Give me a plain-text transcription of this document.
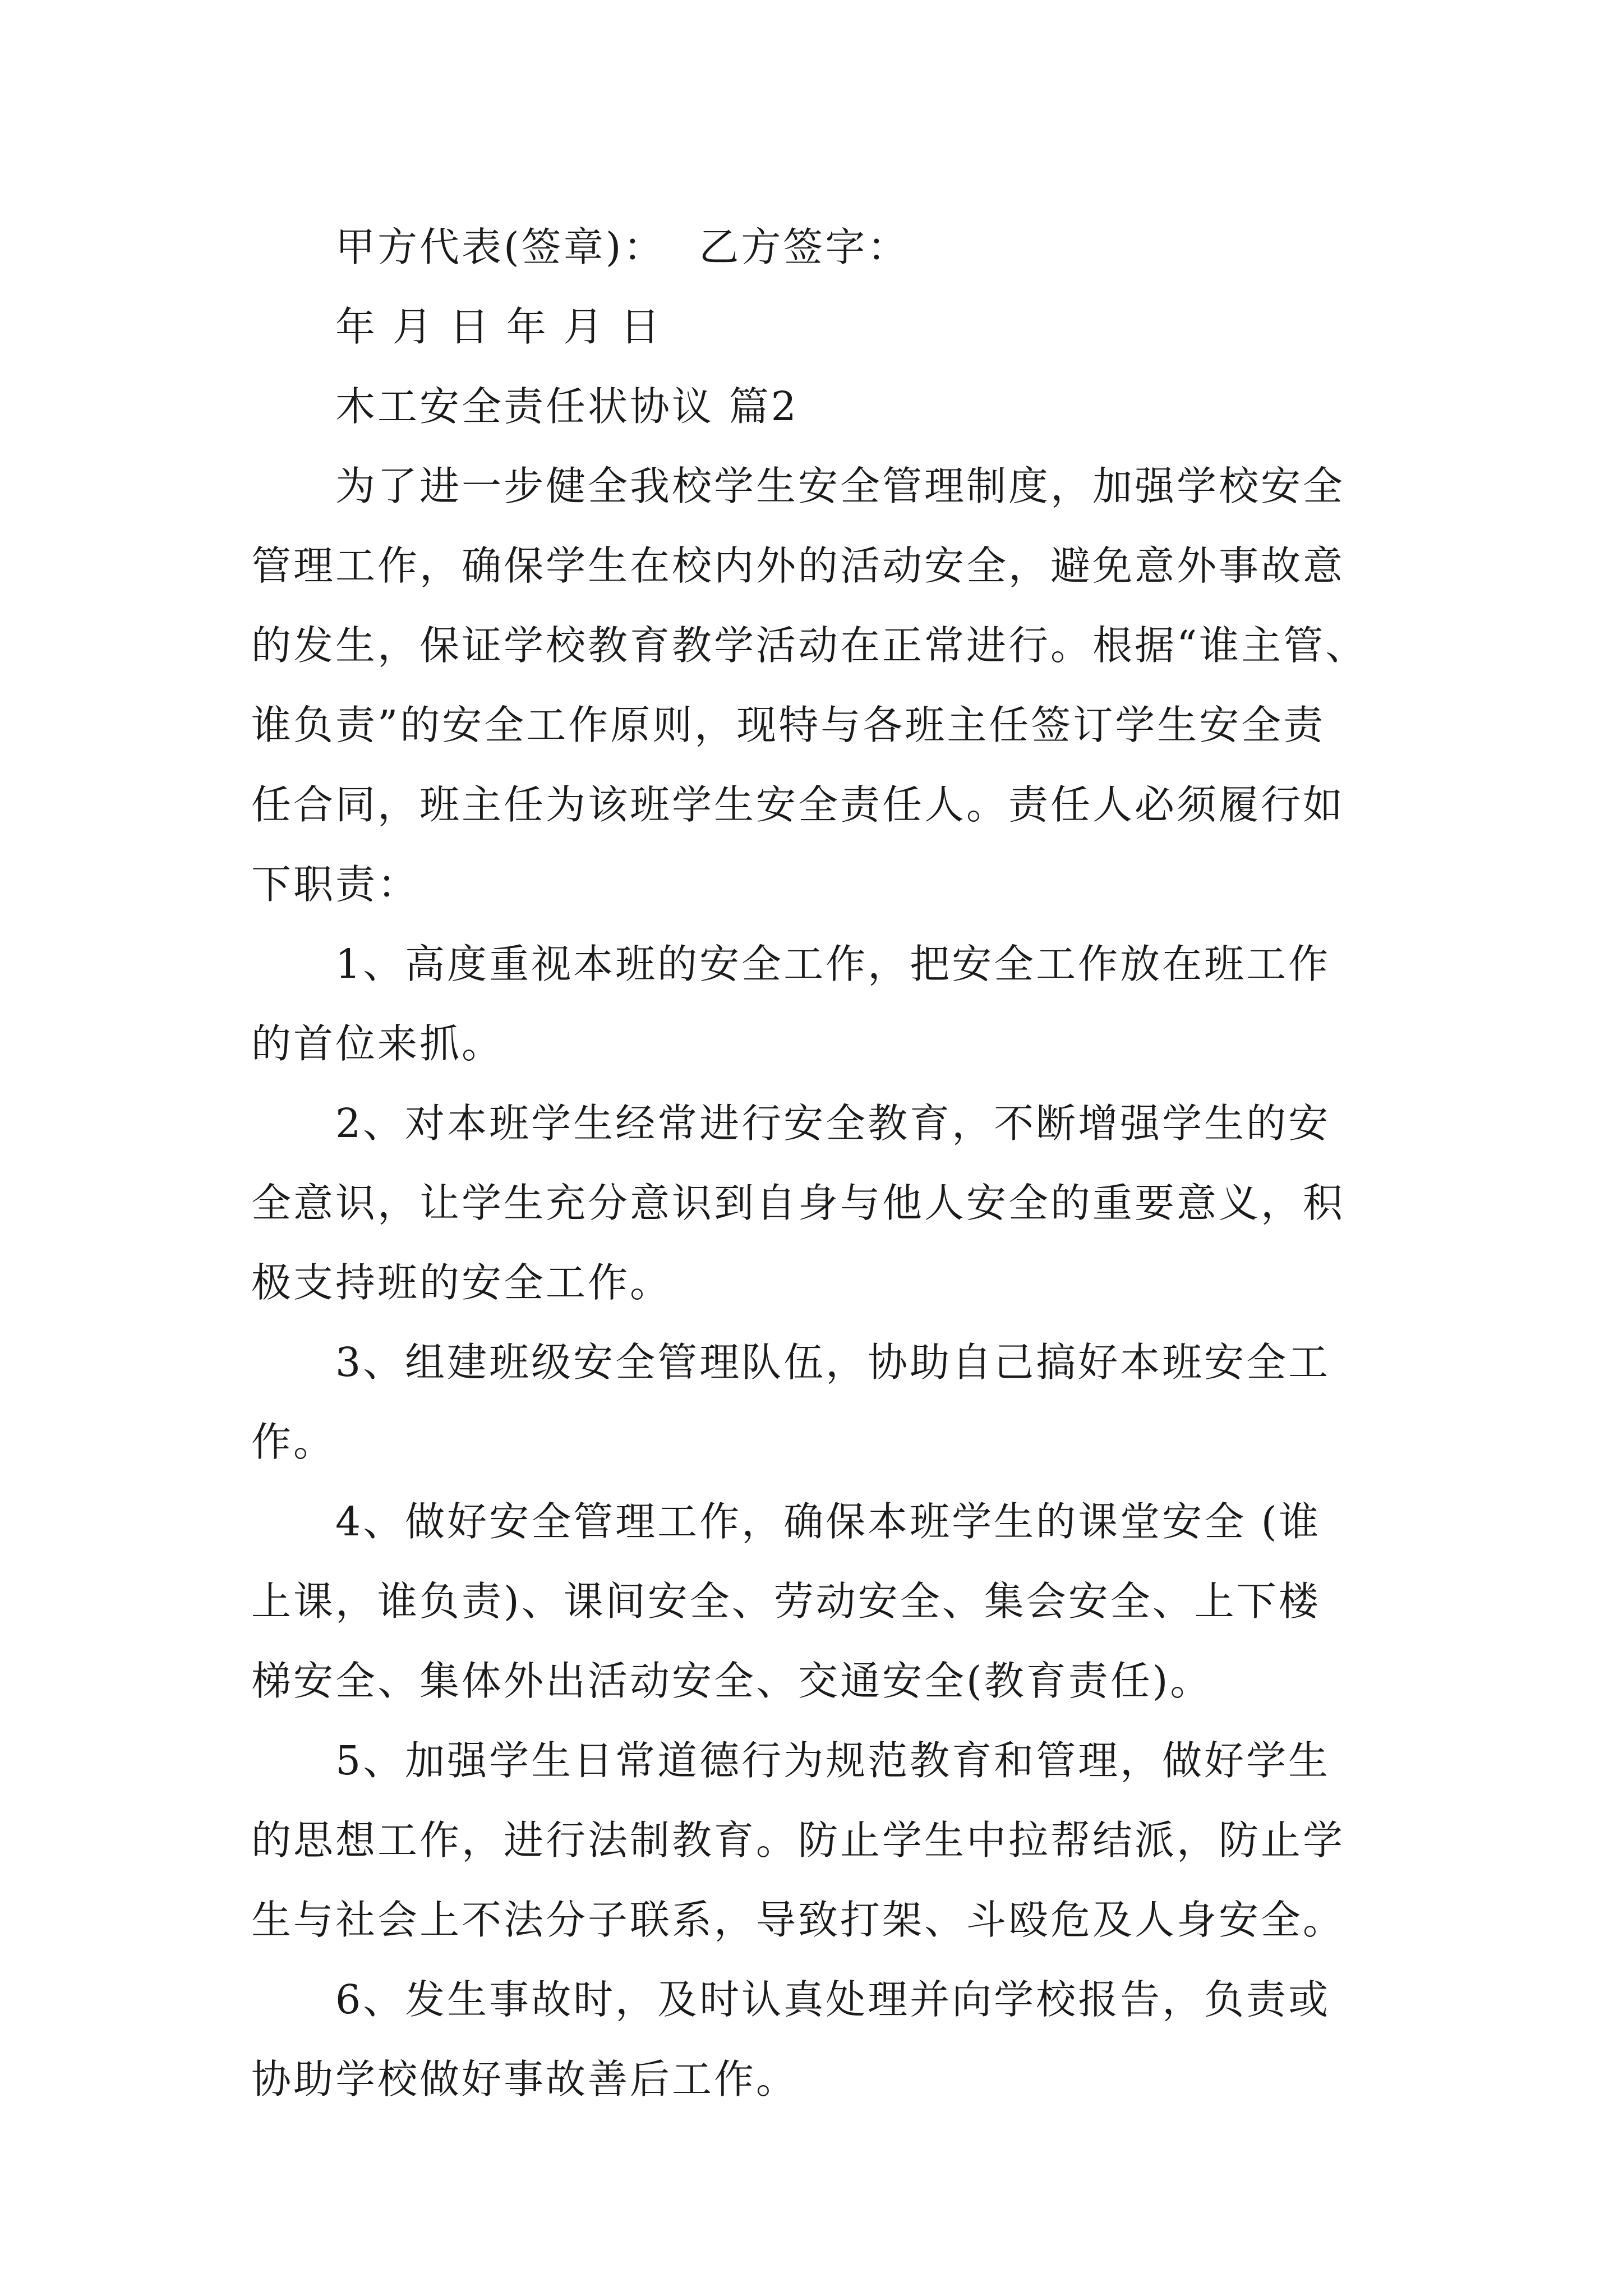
甲方代表(签章)： 乙方签字：
年 月 日 年 月 日
木工安全责任状协议 篇2

为了进一步健全我校学生安全管理制度，加强学校安全

管理工作，确保学生在校内外的活动安全，避免意外事故意

的发生，保证学校教育教学活动在正常进行。根据“谁主管、

谁负责”的安全工作原则，现特与各班主任签订学生安全责

任合同，班主任为该班学生安全责任人。责任人必须履行如

下职责：

1、高度重视本班的安全工作，把安全工作放在班工作

的首位来抓。

2、对本班学生经常进行安全教育，不断增强学生的安

全意识，让学生充分意识到自身与他人安全的重要意义，积

极支持班的安全工作。

3、组建班级安全管理队伍，协助自己搞好本班安全工

作。

4、做好安全管理工作，确保本班学生的课堂安全 (谁

上课，谁负责)、课间安全、劳动安全、集会安全、上下楼

梯安全、集体外出活动安全、交通安全(教育责任)。

5、加强学生日常道德行为规范教育和管理，做好学生

的思想工作，进行法制教育。防止学生中拉帮结派，防止学

生与社会上不法分子联系，导致打架、斗殴危及人身安全。

6、发生事故时，及时认真处理并向学校报告，负责或

协助学校做好事故善后工作。
